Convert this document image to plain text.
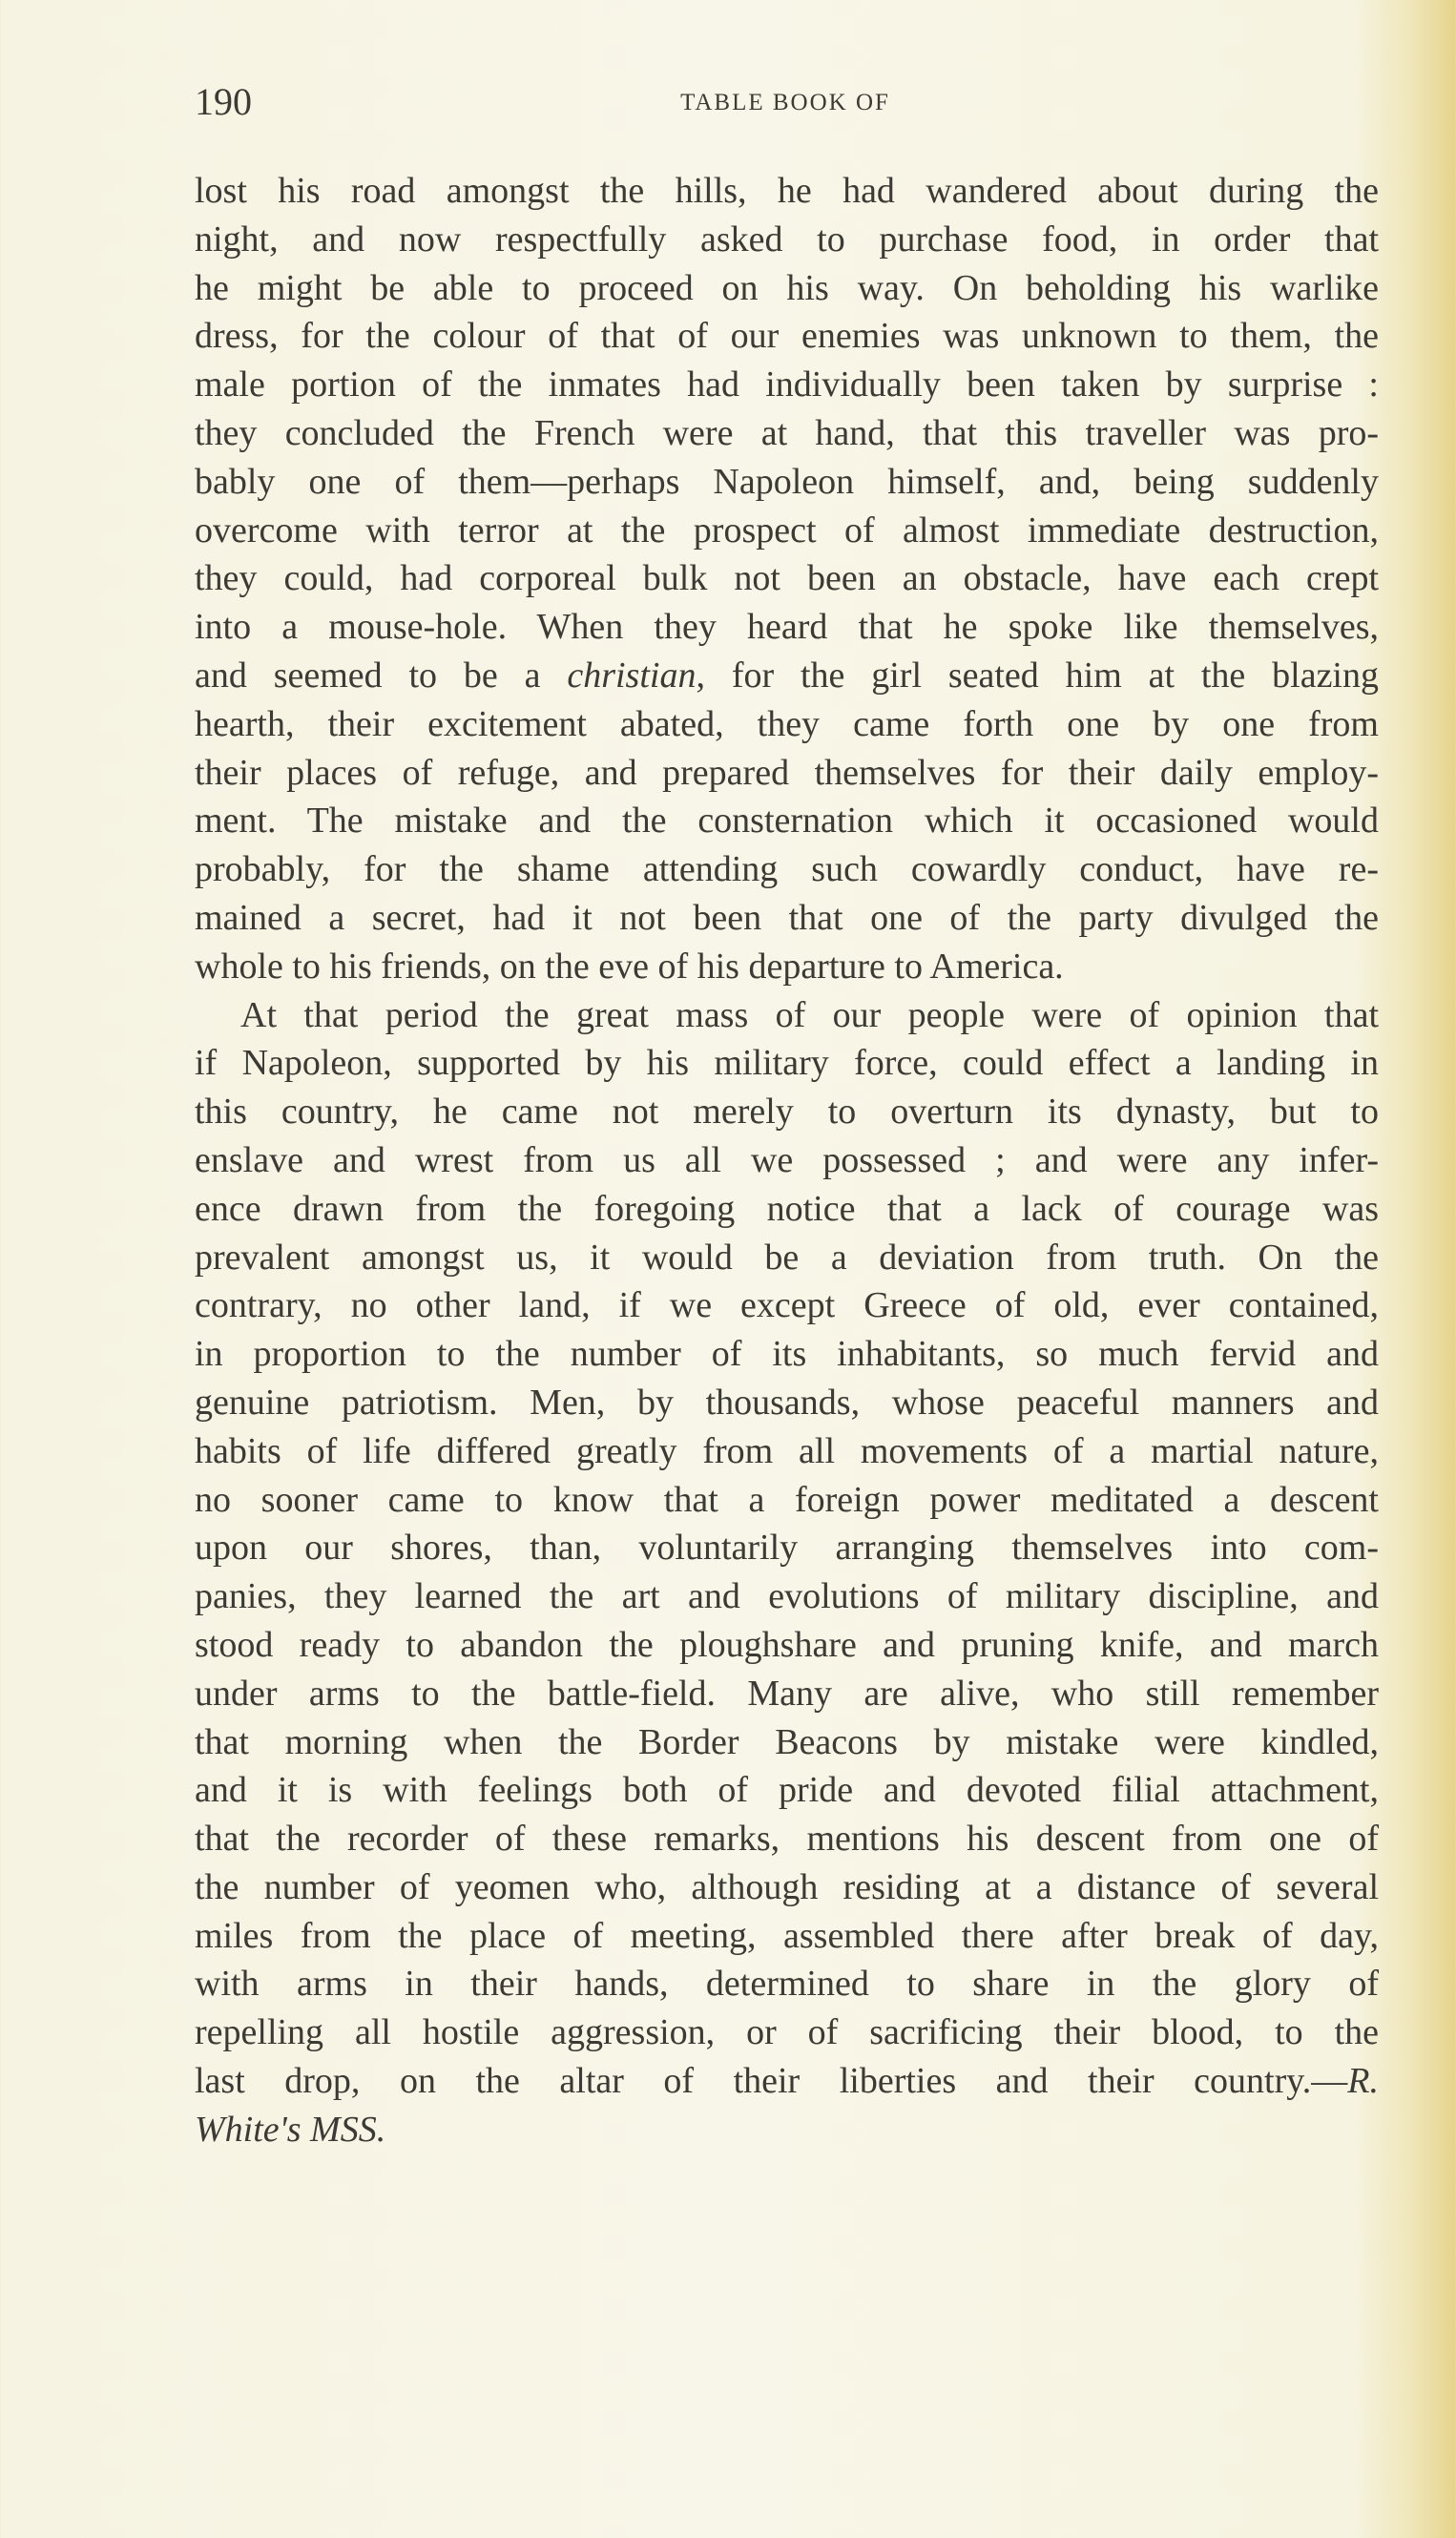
190	TABLE BOOK OF
lost his road amongst the hills, he had wandered about during the
night, and now respectfully asked to purchase food, in order that
he might be able to proceed on his way. On beholding his warlike
dress, for the colour of that of our enemies was unknown to them, the
male portion of the inmates had individually been taken by surprise :
they concluded the French were at hand, that this traveller was pro-
bably one of them—perhaps Napoleon himself, and, being suddenly
overcome with terror at the prospect of almost immediate destruction,
they could, had corporeal bulk not been an obstacle, have each crept
into a mouse-hole. When they heard that he spoke like themselves,
and seemed to be a christian, for the girl seated him at the blazing
hearth, their excitement abated, they came forth one by one from
their places of refuge, and prepared themselves for their daily employ-
ment. The mistake and the consternation which it occasioned would
probably, for the shame attending such cowardly conduct, have re-
mained a secret, had it not been that one of the party divulged the
whole to his friends, on the eve of his departure to America.
At that period the great mass of our people were of opinion that
if Napoleon, supported by his military force, could effect a landing in
this country, he came not merely to overturn its dynasty, but to
enslave and wrest from us all we possessed ; and were any infer-
ence drawn from the foregoing notice that a lack of courage was
prevalent amongst us, it would be a deviation from truth. On the
contrary, no other land, if we except Greece of old, ever contained,
in proportion to the number of its inhabitants, so much fervid and
genuine patriotism. Men, by thousands, whose peaceful manners and
habits of life differed greatly from all movements of a martial nature,
no sooner came to know that a foreign power meditated a descent
upon our shores, than, voluntarily arranging themselves into com-
panies, they learned the art and evolutions of military discipline, and
stood ready to abandon the ploughshare and pruning knife, and march
under arms to the battle-field. Many are alive, who still remember
that morning when the Border Beacons by mistake were kindled,
and it is with feelings both of pride and devoted filial attachment,
that the recorder of these remarks, mentions his descent from one of
the number of yeomen who, although residing at a distance of several
miles from the place of meeting, assembled there after break of day,
with arms in their hands, determined to share in the glory of
repelling all hostile aggression, or of sacrificing their blood, to the
last drop, on the altar of their liberties and their country.—R.
White's MSS.
